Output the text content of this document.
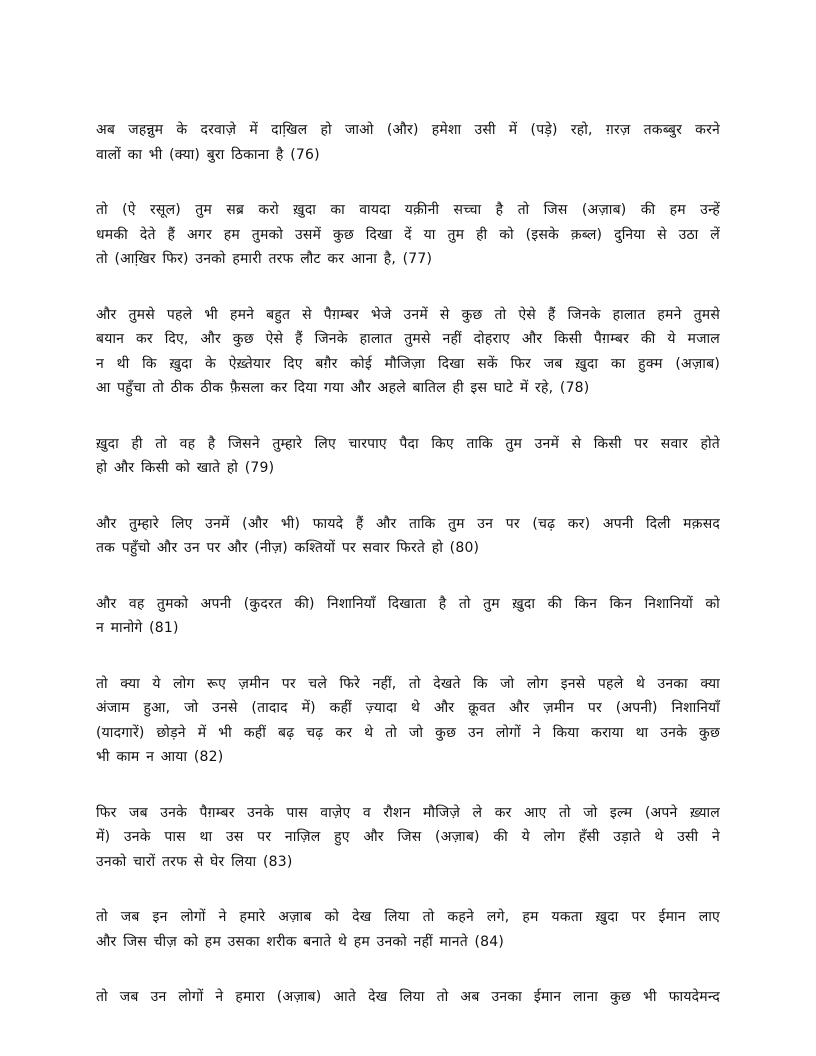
अब जहन्नुम के दरवाज़े में दाखि़ल हो जाओ (और) हमेशा उसी में (पड़े) रहो, ग़रज़ तकब्बुर करने
वालों का भी (क्या) बुरा ठिकाना है (76)

तो (ऐ रसूल) तुम सब्र करो ख़ुदा का वायदा यक़ीनी सच्चा है तो जिस (अज़ाब) की हम उन्हें
धमकी देते हैं अगर हम तुमको उसमें कुछ दिखा दें या तुम ही को (इसके क़ब्ल) दुनिया से उठा लें
तो (आखि़र फिर) उनको हमारी तरफ लौट कर आना है, (77)

और तुमसे पहले भी हमने बहुत से पैग़म्बर भेजे उनमें से कुछ तो ऐसे हैं जिनके हालात हमने तुमसे
बयान कर दिए, और कुछ ऐसे हैं जिनके हालात तुमसे नहीं दोहराए और किसी पैग़म्बर की ये मजाल
न थी कि ख़ुदा के ऐख़्तेयार दिए बग़ैर कोई मौजिज़ा दिखा सकें फिर जब ख़ुदा का हुक्म (अज़ाब)
आ पहुँचा तो ठीक ठीक फ़ैसला कर दिया गया और अहले बातिल ही इस घाटे में रहे, (78)

ख़ुदा ही तो वह है जिसने तुम्हारे लिए चारपाए पैदा किए ताकि तुम उनमें से किसी पर सवार होते
हो और किसी को खाते हो (79)

और तुम्हारे लिए उनमें (और भी) फायदे हैं और ताकि तुम उन पर (चढ़ कर) अपनी दिली मक़सद
तक पहुँचो और उन पर और (नीज़) कश्तियों पर सवार फिरते हो (80)

और वह तुमको अपनी (कुदरत की) निशानियाँ दिखाता है तो तुम ख़ुदा की किन किन निशानियों को
न मानोगे (81)

तो क्या ये लोग रूए ज़मीन पर चले फिरे नहीं, तो देखते कि जो लोग इनसे पहले थे उनका क्या
अंजाम हुआ, जो उनसे (तादाद में) कहीं ज़्यादा थे और क़ूवत और ज़मीन पर (अपनी) निशानियाँ
(यादगारें) छोड़ने में भी कहीं बढ़ चढ़ कर थे तो जो कुछ उन लोगों ने किया कराया था उनके कुछ
भी काम न आया (82)

फिर जब उनके पैग़म्बर उनके पास वाज़ेए व रौशन मौजिज़े ले कर आए तो जो इल्म (अपने ख़्याल
में) उनके पास था उस पर नाज़िल हुए और जिस (अज़ाब) की ये लोग हँसी उड़ाते थे उसी ने
उनको चारों तरफ से घेर लिया (83)

तो जब इन लोगों ने हमारे अज़ाब को देख लिया तो कहने लगे, हम यकता ख़ुदा पर ईमान लाए
और जिस चीज़ को हम उसका शरीक बनाते थे हम उनको नहीं मानते (84)

तो जब उन लोगों ने हमारा (अज़ाब) आते देख लिया तो अब उनका ईमान लाना कुछ भी फायदेमन्द
